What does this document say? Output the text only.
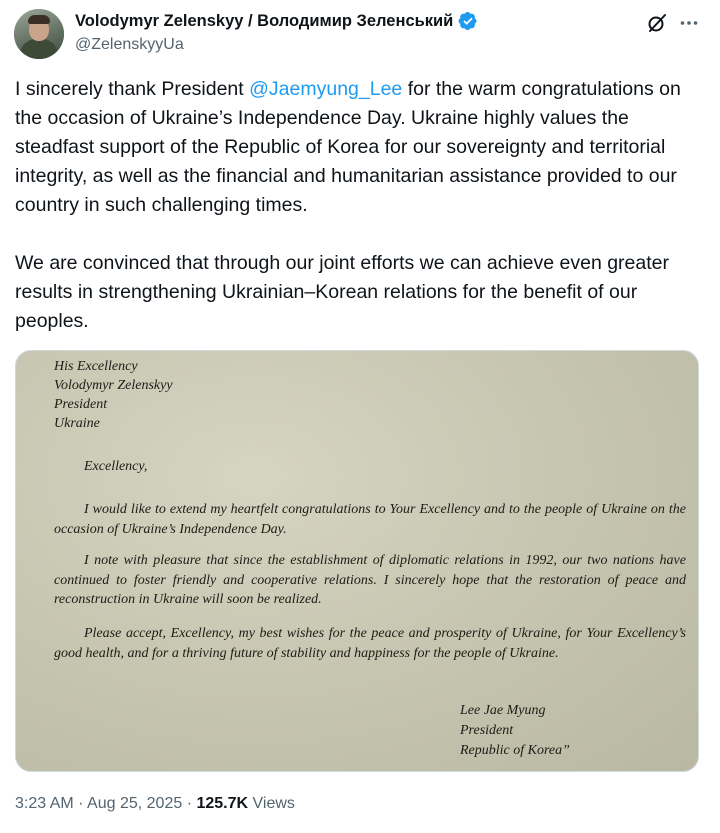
Volodymyr Zelenskyy / Володимир Зеленський
@ZelenskyyUa
I sincerely thank President @Jaemyung_Lee for the warm congratulations on the occasion of Ukraine’s Independence Day. Ukraine highly values the steadfast support of the Republic of Korea for our sovereignty and territorial integrity, as well as the financial and humanitarian assistance provided to our country in such challenging times.

We are convinced that through our joint efforts we can achieve even greater results in strengthening Ukrainian–Korean relations for the benefit of our peoples.
His Excellency
Volodymyr Zelenskyy
President
Ukraine
Excellency,
I would like to extend my heartfelt congratulations to Your Excellency and to the people of Ukraine on the occasion of Ukraine’s Independence Day.
I note with pleasure that since the establishment of diplomatic relations in 1992, our two nations have continued to foster friendly and cooperative relations. I sincerely hope that the restoration of peace and reconstruction in Ukraine will soon be realized.
Please accept, Excellency, my best wishes for the peace and prosperity of Ukraine, for Your Excellency’s good health, and for a thriving future of stability and happiness for the people of Ukraine.
Lee Jae Myung
President
Republic of Korea”
3:23 AM · Aug 25, 2025 · 125.7K Views
